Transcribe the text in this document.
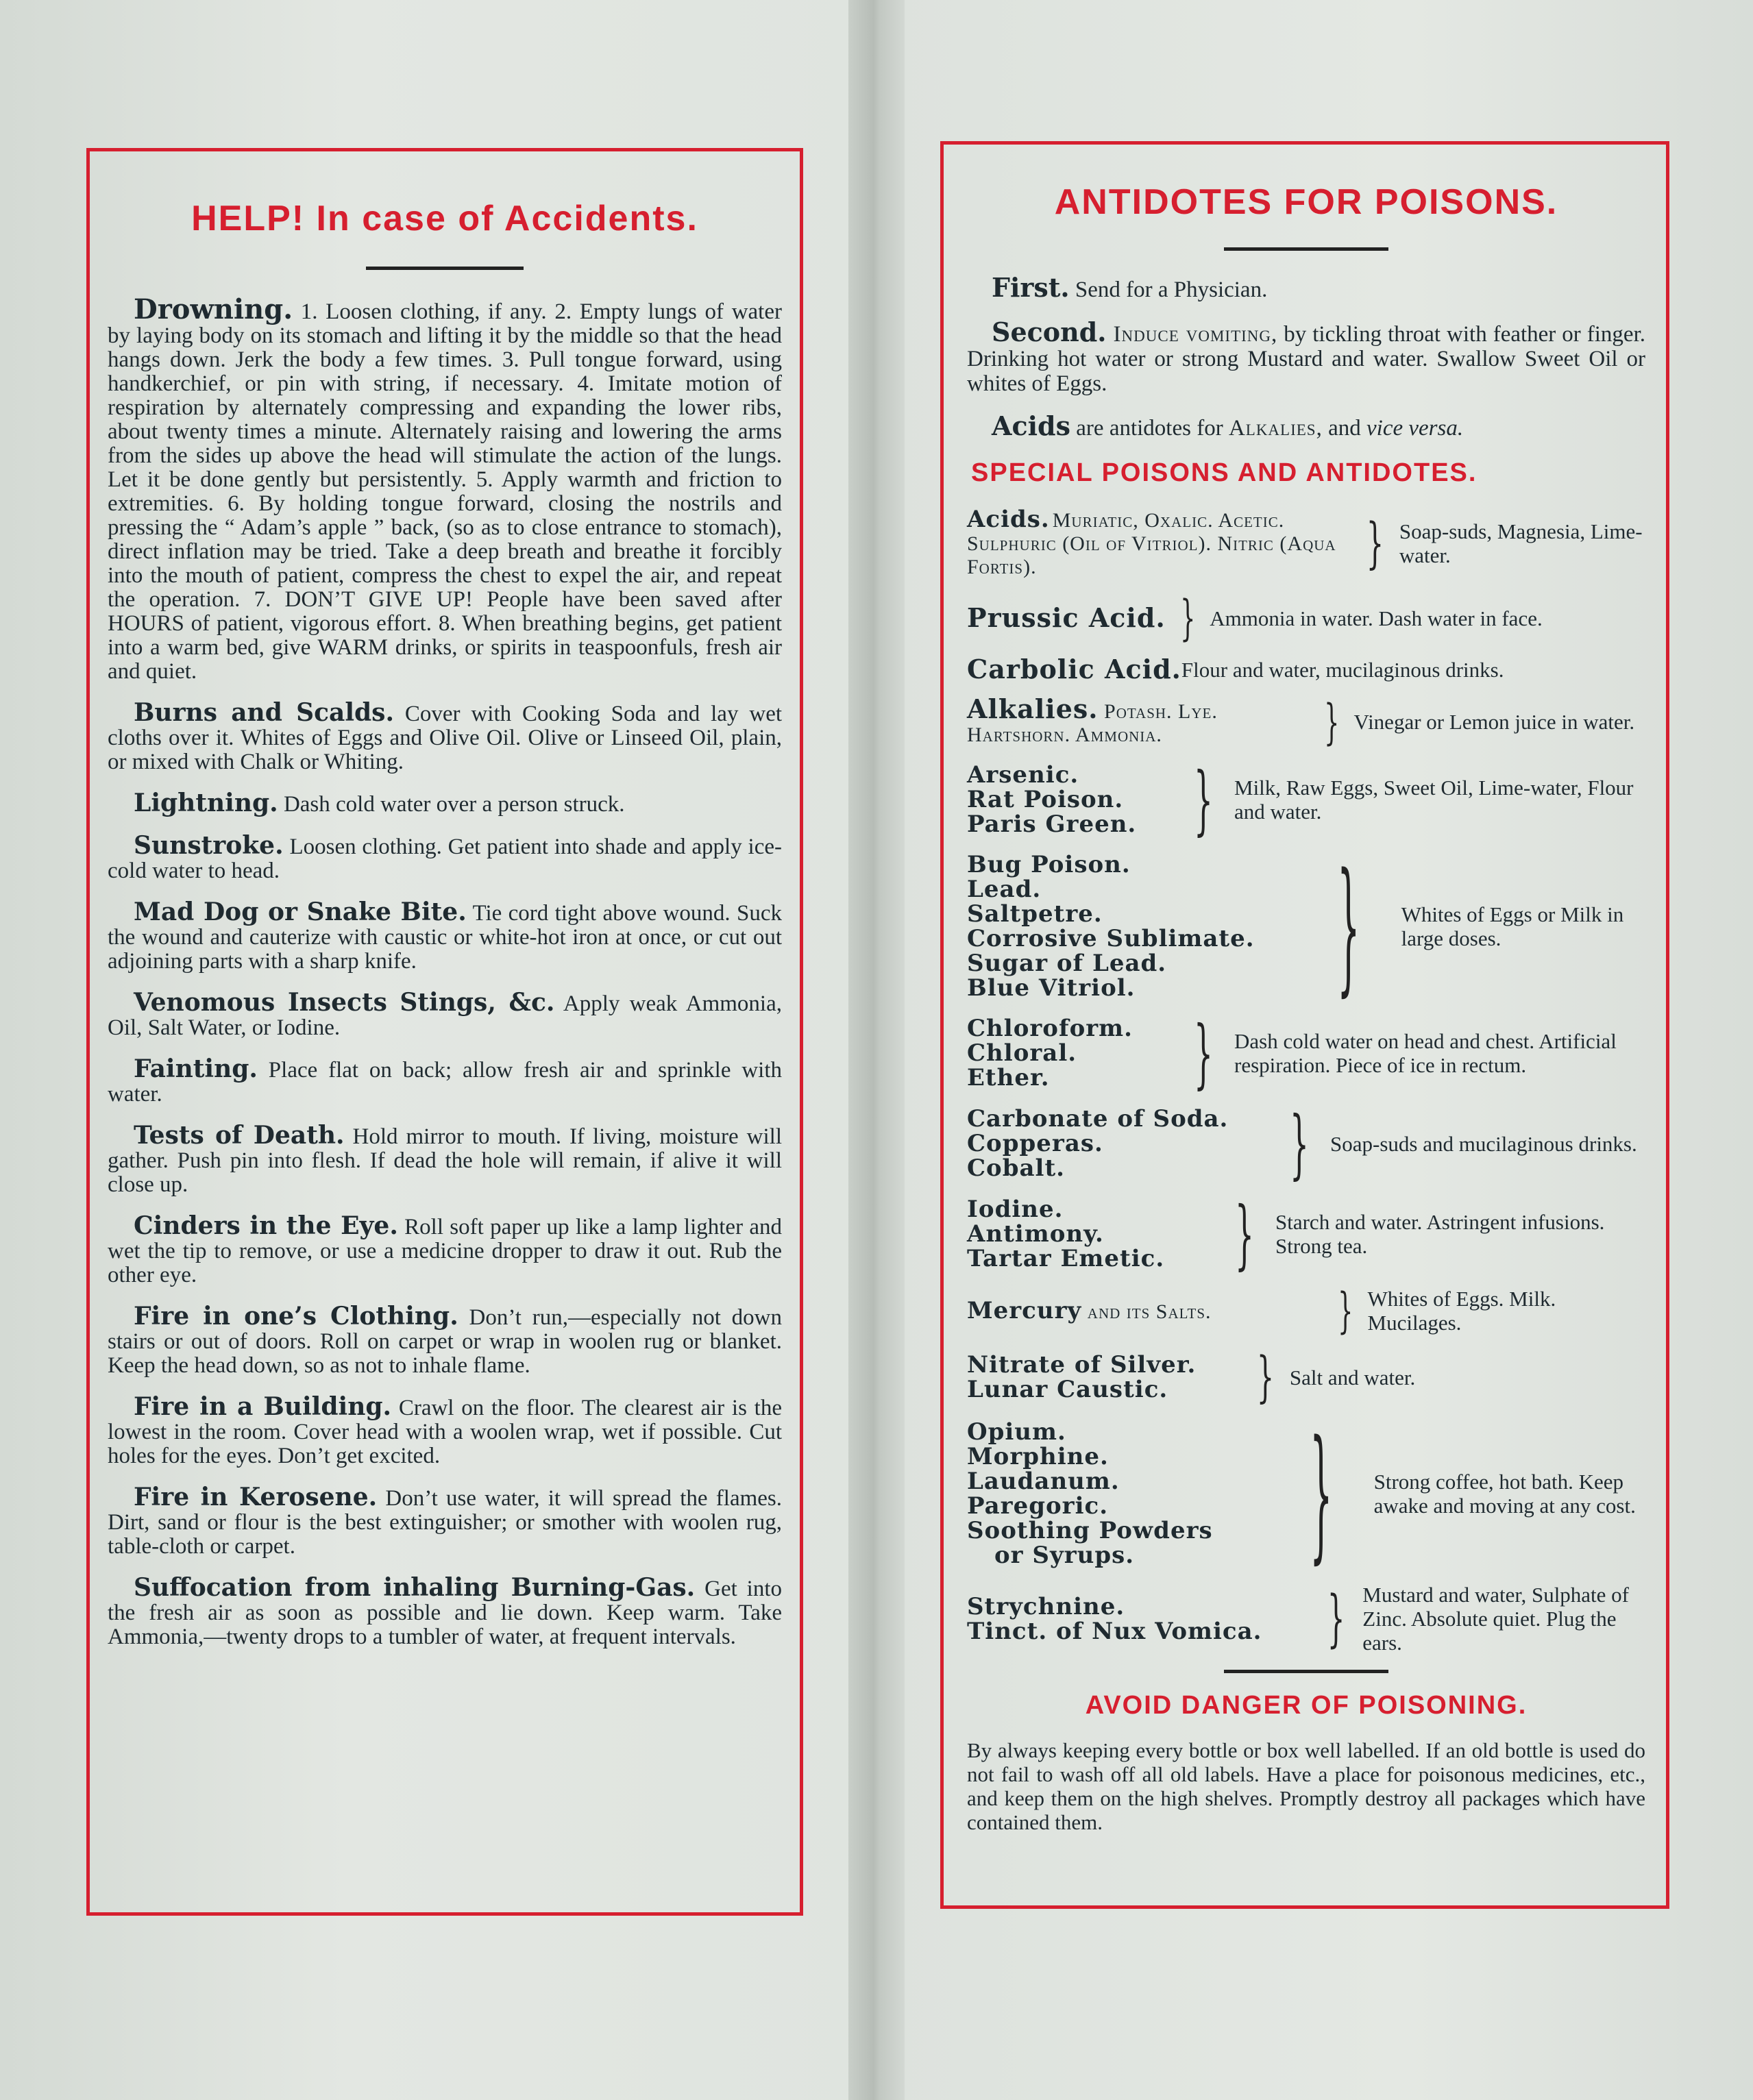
HELP! In case of Accidents.
Drowning. 1. Loosen clothing, if any. 2. Empty lungs of water by laying body on its stomach and lifting it by the middle so that the head hangs down. Jerk the body a few times. 3. Pull tongue forward, using handkerchief, or pin with string, if necessary. 4. Imitate motion of respiration by alternately compressing and expanding the lower ribs, about twenty times a minute. Alternately raising and lowering the arms from the sides up above the head will stimulate the action of the lungs. Let it be done gently but persistently. 5. Apply warmth and friction to extremities. 6. By holding tongue forward, closing the nostrils and pressing the “ Adam’s apple ” back, (so as to close entrance to stomach), direct inflation may be tried. Take a deep breath and breathe it forcibly into the mouth of patient, compress the chest to expel the air, and repeat the operation. 7. DON’T GIVE UP! People have been saved after HOURS of patient, vigorous effort. 8. When breathing begins, get patient into a warm bed, give WARM drinks, or spirits in teaspoonfuls, fresh air and quiet.
Burns and Scalds. Cover with Cooking Soda and lay wet cloths over it. Whites of Eggs and Olive Oil. Olive or Linseed Oil, plain, or mixed with Chalk or Whiting.
Lightning. Dash cold water over a person struck.
Sunstroke. Loosen clothing. Get patient into shade and apply ice-cold water to head.
Mad Dog or Snake Bite. Tie cord tight above wound. Suck the wound and cauterize with caustic or white-hot iron at once, or cut out adjoining parts with a sharp knife.
Venomous Insects Stings, &c. Apply weak Ammonia, Oil, Salt Water, or Iodine.
Fainting. Place flat on back; allow fresh air and sprinkle with water.
Tests of Death. Hold mirror to mouth. If living, moisture will gather. Push pin into flesh. If dead the hole will remain, if alive it will close up.
Cinders in the Eye. Roll soft paper up like a lamp lighter and wet the tip to remove, or use a medicine dropper to draw it out. Rub the other eye.
Fire in one’s Clothing. Don’t run,—especially not down stairs or out of doors. Roll on carpet or wrap in woolen rug or blanket. Keep the head down, so as not to inhale flame.
Fire in a Building. Crawl on the floor. The clearest air is the lowest in the room. Cover head with a woolen wrap, wet if possible. Cut holes for the eyes. Don’t get excited.
Fire in Kerosene. Don’t use water, it will spread the flames. Dirt, sand or flour is the best extinguisher; or smother with woolen rug, table-cloth or carpet.
Suffocation from inhaling Burning-Gas. Get into the fresh air as soon as possible and lie down. Keep warm. Take Ammonia,—twenty drops to a tumbler of water, at frequent intervals.
ANTIDOTES FOR POISONS.
First. Send for a Physician.
Second. Induce vomiting, by tickling throat with feather or finger. Drinking hot water or strong Mustard and water. Swallow Sweet Oil or whites of Eggs.
Acids are antidotes for Alkalies, and vice versa.
SPECIAL POISONS AND ANTIDOTES.
Acids. Muriatic, Oxalic. Acetic. Sulphuric (Oil of Vitriol). Nitric (Aqua Fortis).	} Soap-suds, Magnesia, Lime-water.
Prussic Acid. } Ammonia in water. Dash water in face.
Carbolic Acid. Flour and water, mucilaginous drinks.
Alkalies. Potash. Lye.
Hartshorn. Ammonia.	} Vinegar or Lemon juice in water.
Arsenic.
Rat Poison.
Paris Green. } Milk, Raw Eggs, Sweet Oil, Lime-water, Flour and water.
Bug Poison.
Lead.
Saltpetre.
Corrosive Sublimate.
Sugar of Lead.
Blue Vitriol.	} Whites of Eggs or Milk in large doses.
Chloroform.
Chloral.
Ether.	} Dash cold water on head and chest. Artificial respiration. Piece of ice in rectum.
Carbonate of Soda.
Copperas.
Cobalt.	} Soap-suds and mucilaginous drinks.
Iodine.
Antimony.
Tartar Emetic. } Starch and water. Astringent infusions. Strong tea.
Mercury and its Salts.	} Whites of Eggs. Milk. Mucilages.
Nitrate of Silver.
Lunar Caustic.	} Salt and water.
Opium.
Morphine.
Laudanum.
Paregoric.
Soothing Powders
or Syrups.	} Strong coffee, hot bath. Keep awake and moving at any cost.
Strychnine.
Tinct. of Nux Vomica.	} Mustard and water, Sulphate of Zinc. Absolute quiet. Plug the ears.
AVOID DANGER OF POISONING.
By always keeping every bottle or box well labelled. If an old bottle is used do not fail to wash off all old labels. Have a place for poisonous medicines, etc., and keep them on the high shelves. Promptly destroy all packages which have contained them.
